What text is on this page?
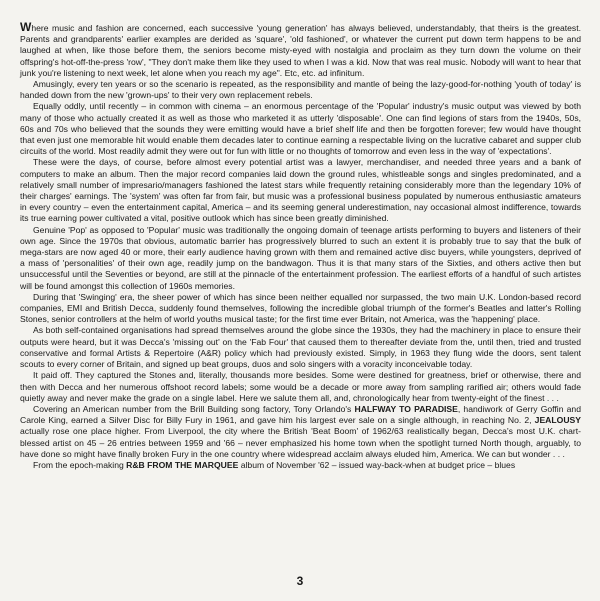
Where music and fashion are concerned, each successive 'young generation' has always believed, understandably, that theirs is the greatest. Parents and grandparents' earlier examples are derided as 'square', 'old fashioned', or whatever the current put down term happens to be and laughed at when, like those before them, the seniors become misty-eyed with nostalgia and proclaim as they turn down the volume on their offspring's hot-off-the-press 'row', "They don't make them like they used to when I was a kid. Now that was real music. Nobody will want to hear that junk you're listening to next week, let alone when you reach my age". Etc, etc. ad infinitum.

Amusingly, every ten years or so the scenario is repeated, as the responsibility and mantle of being the lazy-good-for-nothing 'youth of today' is handed down from the new 'grown-ups' to their very own replacement rebels.

Equally oddly, until recently – in common with cinema – an enormous percentage of the 'Popular' industry's music output was viewed by both many of those who actually created it as well as those who marketed it as utterly 'disposable'. One can find legions of stars from the 1940s, 50s, 60s and 70s who believed that the sounds they were emitting would have a brief shelf life and then be forgotten forever; few would have thought that even just one memorable hit would enable them decades later to continue earning a respectable living on the lucrative cabaret and supper club circuits of the world. Most readily admit they were out for fun with little or no thoughts of tomorrow and even less in the way of 'expectations'.

These were the days, of course, before almost every potential artist was a lawyer, merchandiser, and needed three years and a bank of computers to make an album. Then the major record companies laid down the ground rules, whistleable songs and singles predominated, and a relatively small number of impresario/managers fashioned the latest stars while frequently retaining considerably more than the legendary 10% of their charges' earnings. The 'system' was often far from fair, but music was a professional business populated by numerous enthusiastic amateurs in every country – even the entertainment capital, America – and its seeming general underestimation, nay occasional almost indifference, towards its true earning power cultivated a vital, positive outlook which has since been greatly diminished.

Genuine 'Pop' as opposed to 'Popular' music was traditionally the ongoing domain of teenage artists performing to buyers and listeners of their own age. Since the 1970s that obvious, automatic barrier has progressively blurred to such an extent it is probably true to say that the bulk of mega-stars are now aged 40 or more, their early audience having grown with them and remained active disc buyers, while youngsters, deprived of a mass of 'personalities' of their own age, readily jump on the bandwagon. Thus it is that many stars of the Sixties, and others active then but unsuccessful until the Seventies or beyond, are still at the pinnacle of the entertainment profession. The earliest efforts of a handful of such artistes will be found amongst this collection of 1960s memories.

During that 'Swinging' era, the sheer power of which has since been neither equalled nor surpassed, the two main U.K. London-based record companies, EMI and British Decca, suddenly found themselves, following the incredible global triumph of the former's Beatles and latter's Rolling Stones, senior controllers at the helm of world youths musical taste; for the first time ever Britain, not America, was the 'happening' place.

As both self-contained organisations had spread themselves around the globe since the 1930s, they had the machinery in place to ensure their outputs were heard, but it was Decca's 'missing out' on the 'Fab Four' that caused them to thereafter deviate from the, until then, tried and trusted conservative and formal Artists & Repertoire (A&R) policy which had previously existed. Simply, in 1963 they flung wide the doors, sent talent scouts to every corner of Britain, and signed up beat groups, duos and solo singers with a voracity inconceivable today.

It paid off. They captured the Stones and, literally, thousands more besides. Some were destined for greatness, brief or otherwise, there and then with Decca and her numerous offshoot record labels; some would be a decade or more away from sampling rarified air; others would fade quietly away and never make the grade on a single label. Here we salute them all, and, chronologically hear from twenty-eight of the finest . . .

Covering an American number from the Brill Building song factory, Tony Orlando's HALFWAY TO PARADISE, handiwork of Gerry Goffin and Carole King, earned a Silver Disc for Billy Fury in 1961, and gave him his largest ever sale on a single although, in reaching No. 2, JEALOUSY actually rose one place higher. From Liverpool, the city where the British 'Beat Boom' of 1962/63 realistically began, Decca's most U.K. chart-blessed artist on 45 – 26 entries between 1959 and '66 – never emphasized his home town when the spotlight turned North though, arguably, to have done so might have finally broken Fury in the one country where widespread acclaim always eluded him, America. We can but wonder . . .

From the epoch-making R&B FROM THE MARQUEE album of November '62 – issued way-back-when at budget price – blues

3
